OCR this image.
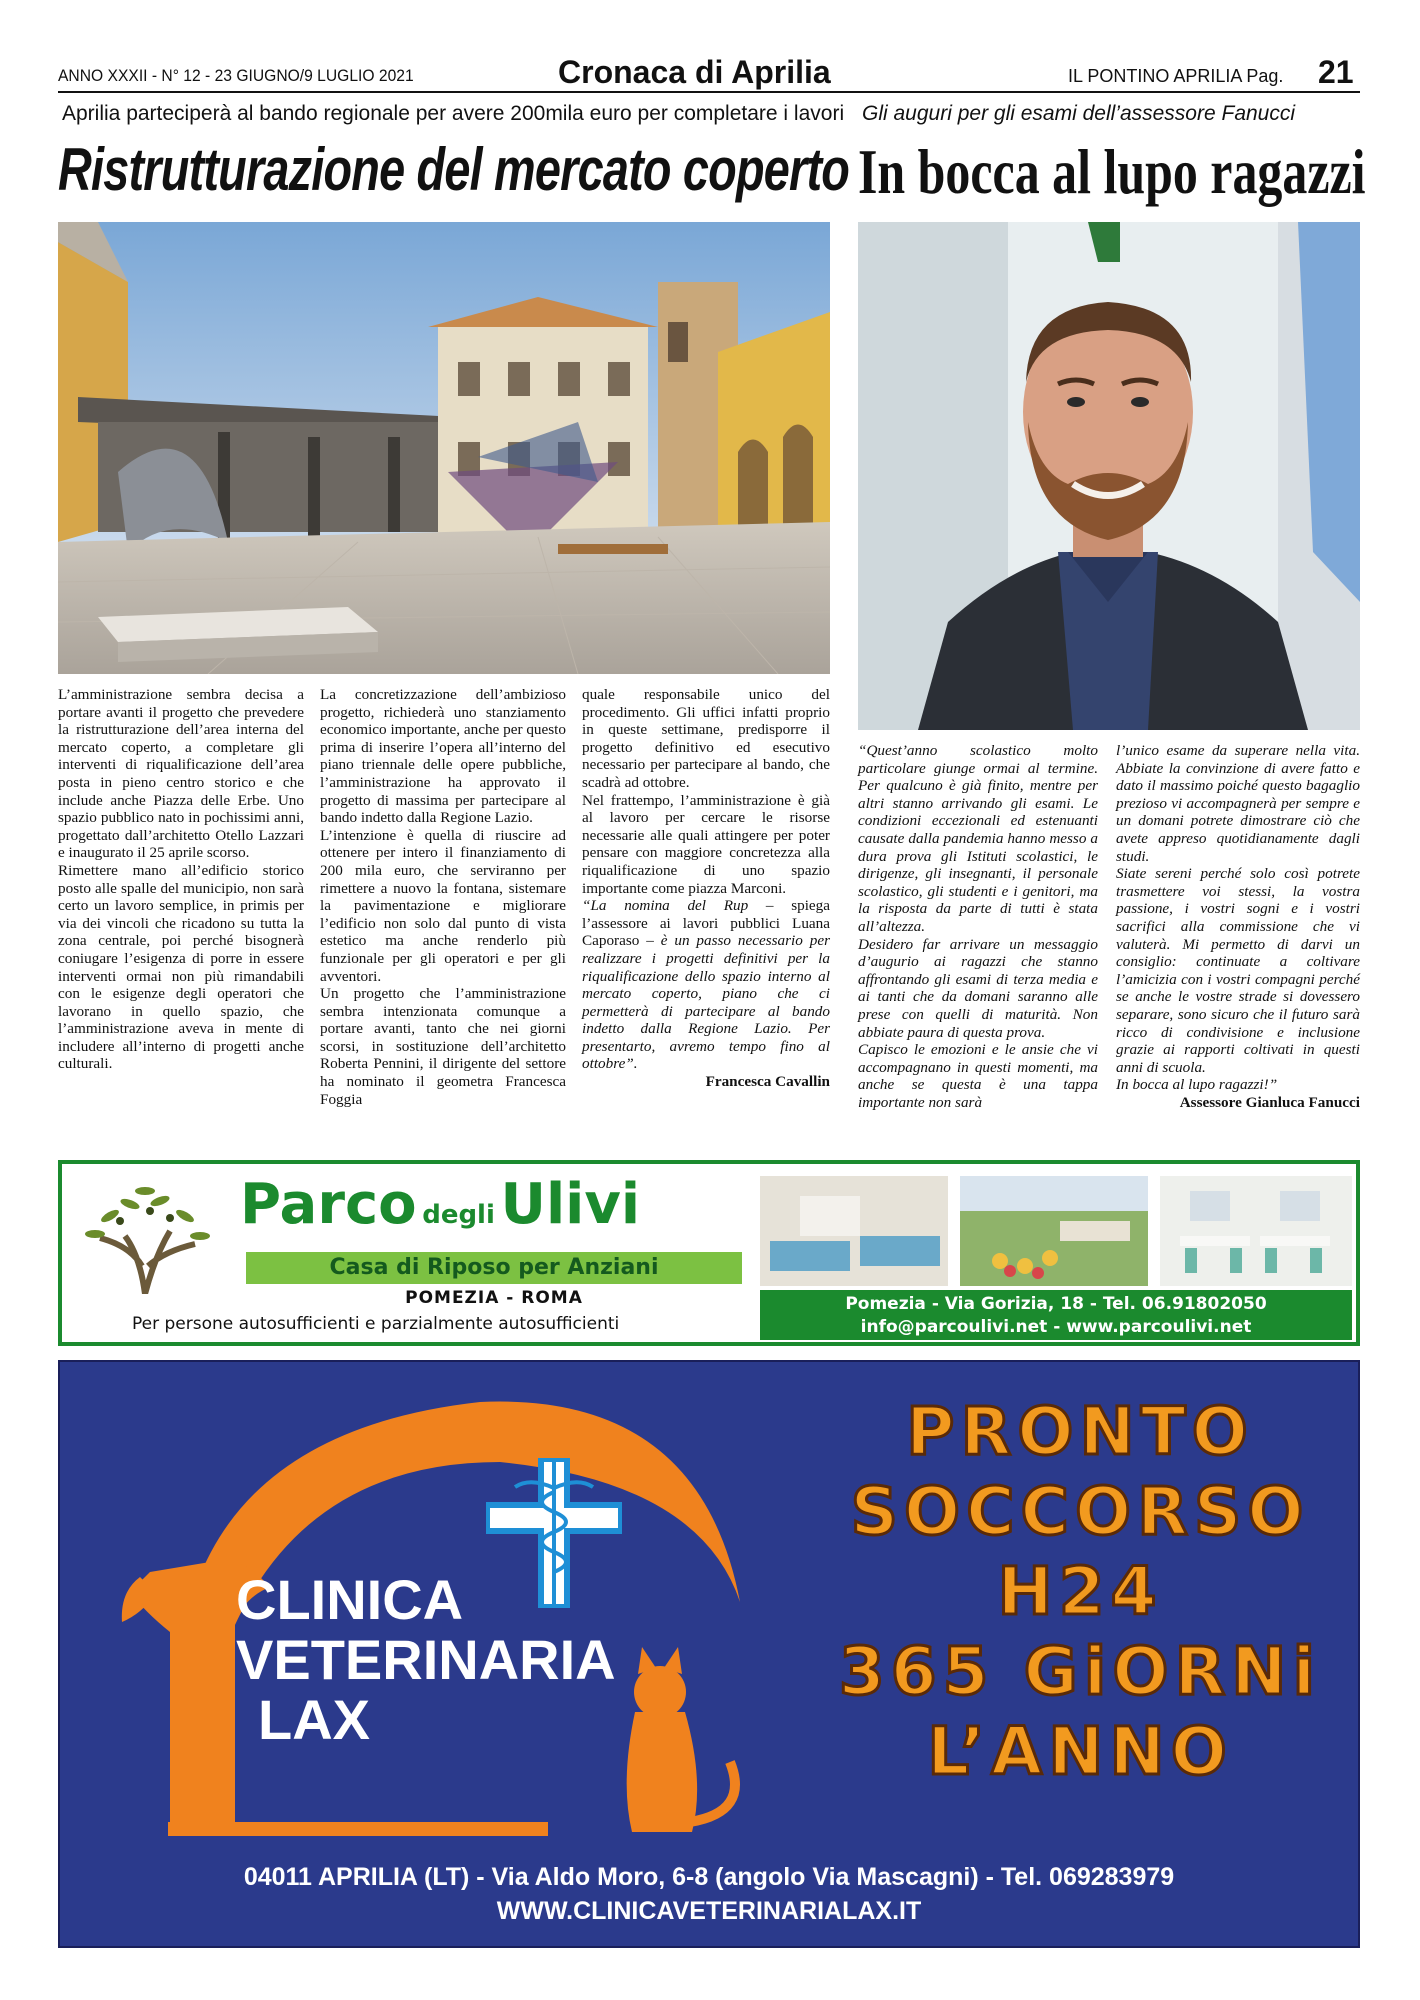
ANNO XXXII - N° 12 - 23 GIUGNO/9 LUGLIO 2021	Cronaca di Aprilia	IL PONTINO APRILIA Pag. 21
Aprilia parteciperà al bando regionale per avere 200mila euro per completare i lavori Gli auguri per gli esami dell’assessore Fanucci
Ristrutturazione del mercato coperto In bocca al lupo ragazzi

L’amministrazione sembra decisa a portare avanti il progetto che prevedere la ristrutturazione dell’area interna del mercato coperto, a completare gli interventi di riqualificazione dell’area posta in pieno centro storico e che include anche Piazza delle Erbe. Uno spazio pubblico nato in pochissimi anni, progettato dall’architetto Otello Lazzari e inaugurato il 25 aprile scorso.

Rimettere mano all’edificio storico posto alle spalle del municipio, non sarà certo un lavoro semplice, in primis per via dei vincoli che ricadono su tutta la zona centrale, poi perché bisognerà coniugare l’esigenza di porre in essere interventi ormai non più rimandabili con le esigenze degli operatori che lavorano in quello spazio, che l’amministrazione aveva in mente di includere all’interno di progetti anche culturali.

La concretizzazione dell’ambizioso progetto, richiederà uno stanziamento economico importante, anche per questo prima di inserire l’opera all’interno del piano triennale delle opere pubbliche, l’amministrazione ha approvato il progetto di massima per partecipare al bando indetto dalla Regione Lazio.

L’intenzione è quella di riuscire ad ottenere per intero il finanziamento di 200 mila euro, che serviranno per rimettere a nuovo la fontana, sistemare la pavimentazione e migliorare l’edificio non solo dal punto di vista estetico ma anche renderlo più funzionale per gli operatori e per gli avventori.

Un progetto che l’amministrazione sembra intenzionata comunque a portare avanti, tanto che nei giorni scorsi, in sostituzione dell’architetto Roberta Pennini, il dirigente del settore ha nominato il geometra Francesca Foggia

quale responsabile unico del procedimento. Gli uffici infatti proprio in queste settimane, predisporre il progetto definitivo ed esecutivo necessario per partecipare al bando, che scadrà ad ottobre.

Nel frattempo, l’amministrazione è già al lavoro per cercare le risorse necessarie alle quali attingere per poter pensare con maggiore concretezza alla riqualificazione di uno spazio importante come piazza Marconi.

“La nomina del Rup – spiega l’assessore ai lavori pubblici Luana Caporaso – è un passo necessario per realizzare i progetti definitivi per la riqualificazione dello spazio interno al mercato coperto, piano che ci permetterà di partecipare al bando indetto dalla Regione Lazio. Per presentarto, avremo tempo fino al ottobre”.

Francesca Cavallin

“Quest’anno scolastico molto particolare giunge ormai al termine. Per qualcuno è già finito, mentre per altri stanno arrivando gli esami. Le condizioni eccezionali ed estenuanti causate dalla pandemia hanno messo a dura prova gli Istituti scolastici, le dirigenze, gli insegnanti, il personale scolastico, gli studenti e i genitori, ma la risposta da parte di tutti è stata all’altezza.

Desidero far arrivare un messaggio d’augurio ai ragazzi che stanno affrontando gli esami di terza media e ai tanti che da domani saranno alle prese con quelli di maturità. Non abbiate paura di questa prova.

Capisco le emozioni e le ansie che vi accompagnano in questi momenti, ma anche se questa è una tappa importante non sarà

l’unico esame da superare nella vita. Abbiate la convinzione di avere fatto e dato il massimo poiché questo bagaglio prezioso vi accompagnerà per sempre e un domani potrete dimostrare ciò che avete appreso quotidianamente dagli studi.

Siate sereni perché solo così potrete trasmettere voi stessi, la vostra passione, i vostri sogni e i vostri sacrifici alla commissione che vi valuterà. Mi permetto di darvi un consiglio: continuate a coltivare l’amicizia con i vostri compagni perché se anche le vostre strade si dovessero separare, sono sicuro che il futuro sarà ricco di condivisione e inclusione grazie ai rapporti coltivati in questi anni di scuola.

In bocca al lupo ragazzi!”

Assessore Gianluca Fanucci

Parco degli Ulivi
Casa di Riposo per Anziani
POMEZIA - ROMA
Per persone autosufficienti e parzialmente autosufficienti
Pomezia - Via Gorizia, 18 - Tel. 06.91802050
info@parcoulivi.net - www.parcoulivi.net
CLINICA
VETERINARIA
LAX
PRONTO
SOCCORSO
H24
365 GiORNi
L’ANNO
04011 APRILIA (LT) - Via Aldo Moro, 6-8 (angolo Via Mascagni) - Tel. 069283979
WWW.CLINICAVETERINARIALAX.IT
